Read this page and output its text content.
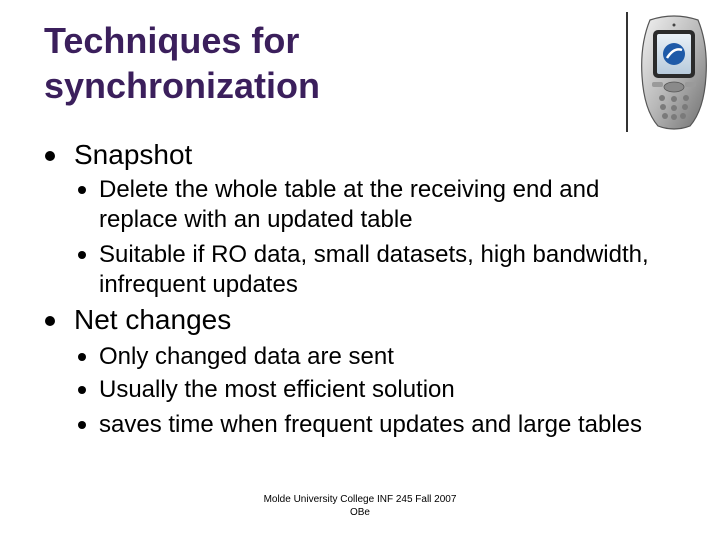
Techniques for
synchronization
Snapshot
Delete the whole table at the receiving end and replace with an updated table
Suitable if RO data, small datasets, high bandwidth, infrequent updates
Net changes
Only changed data are sent
Usually the most efficient solution
saves time when frequent updates and large tables
Molde University College INF 245 Fall 2007
OBe
